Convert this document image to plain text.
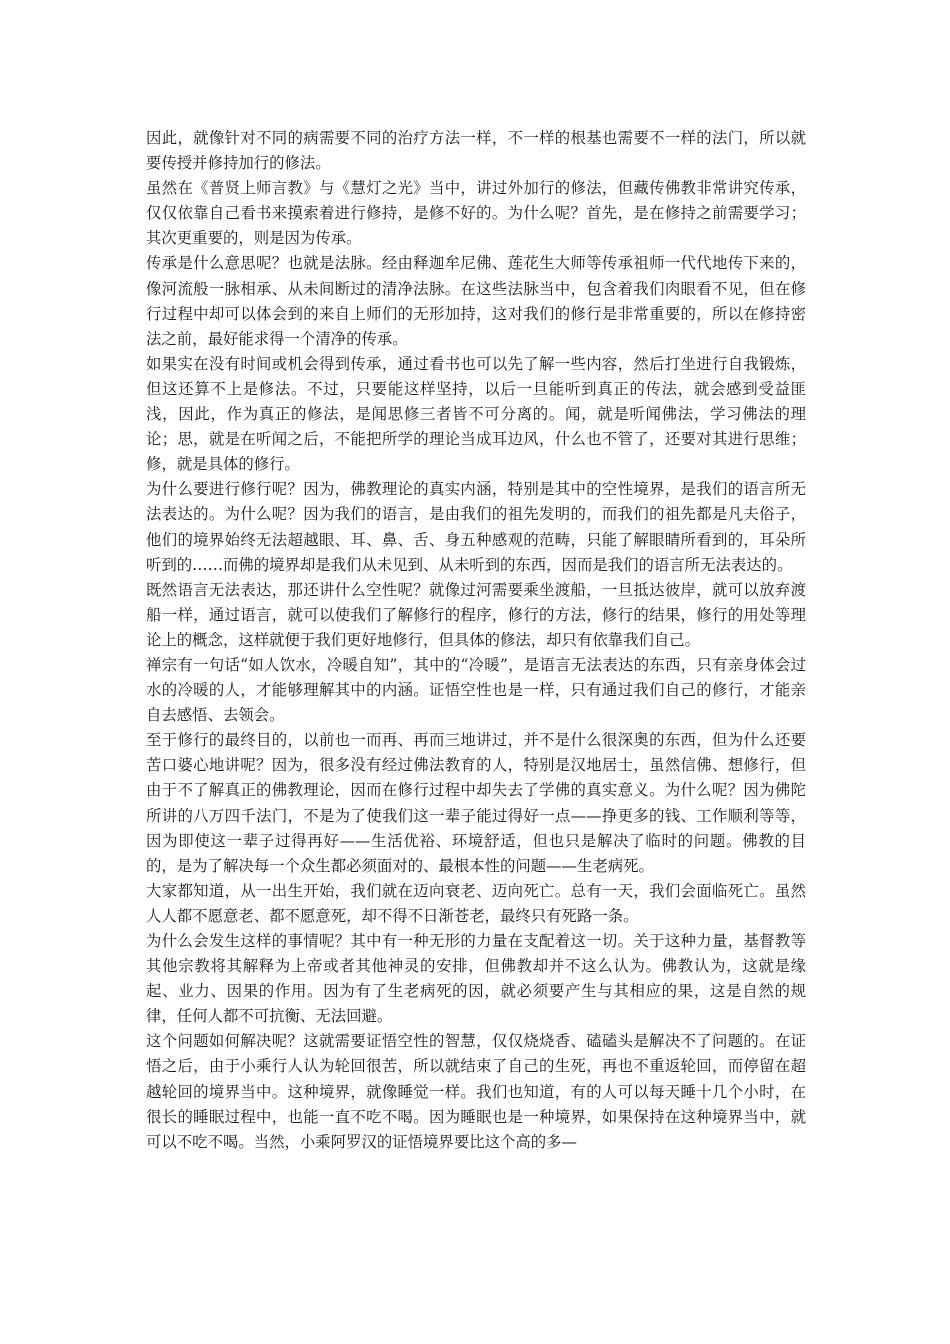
因此，就像针对不同的病需要不同的治疗方法一样，不一样的根基也需要不一样的法门，所以就要传授并修持加行的修法。

虽然在《普贤上师言教》与《慧灯之光》当中，讲过外加行的修法，但藏传佛教非常讲究传承，仅仅依靠自己看书来摸索着进行修持，是修不好的。为什么呢？首先，是在修持之前需要学习；其次更重要的，则是因为传承。

传承是什么意思呢？也就是法脉。经由释迦牟尼佛、莲花生大师等传承祖师一代代地传下来的，像河流般一脉相承、从未间断过的清净法脉。在这些法脉当中，包含着我们肉眼看不见，但在修行过程中却可以体会到的来自上师们的无形加持，这对我们的修行是非常重要的，所以在修持密法之前，最好能求得一个清净的传承。

如果实在没有时间或机会得到传承，通过看书也可以先了解一些内容，然后打坐进行自我锻炼，但这还算不上是修法。不过，只要能这样坚持，以后一旦能听到真正的传法，就会感到受益匪浅，因此，作为真正的修法，是闻思修三者皆不可分离的。闻，就是听闻佛法，学习佛法的理论；思，就是在听闻之后，不能把所学的理论当成耳边风，什么也不管了，还要对其进行思维；修，就是具体的修行。

为什么要进行修行呢？因为，佛教理论的真实内涵，特别是其中的空性境界，是我们的语言所无法表达的。为什么呢？因为我们的语言，是由我们的祖先发明的，而我们的祖先都是凡夫俗子，他们的境界始终无法超越眼、耳、鼻、舌、身五种感观的范畴，只能了解眼睛所看到的，耳朵所听到的……而佛的境界却是我们从未见到、从未听到的东西，因而是我们的语言所无法表达的。

既然语言无法表达，那还讲什么空性呢？就像过河需要乘坐渡船，一旦抵达彼岸，就可以放弃渡船一样，通过语言，就可以使我们了解修行的程序，修行的方法，修行的结果，修行的用处等理论上的概念，这样就便于我们更好地修行，但具体的修法，却只有依靠我们自己。

禅宗有一句话“如人饮水，冷暖自知”，其中的“冷暖”，是语言无法表达的东西，只有亲身体会过水的冷暖的人，才能够理解其中的内涵。证悟空性也是一样，只有通过我们自己的修行，才能亲自去感悟、去领会。

至于修行的最终目的，以前也一而再、再而三地讲过，并不是什么很深奥的东西，但为什么还要苦口婆心地讲呢？因为，很多没有经过佛法教育的人，特别是汉地居士，虽然信佛、想修行，但由于不了解真正的佛教理论，因而在修行过程中却失去了学佛的真实意义。为什么呢？因为佛陀所讲的八万四千法门，不是为了使我们这一辈子能过得好一点——挣更多的钱、工作顺利等等，因为即使这一辈子过得再好——生活优裕、环境舒适，但也只是解决了临时的问题。佛教的目的，是为了解决每一个众生都必须面对的、最根本性的问题——生老病死。

大家都知道，从一出生开始，我们就在迈向衰老、迈向死亡。总有一天，我们会面临死亡。虽然人人都不愿意老、都不愿意死，却不得不日渐苍老，最终只有死路一条。

为什么会发生这样的事情呢？其中有一种无形的力量在支配着这一切。关于这种力量，基督教等其他宗教将其解释为上帝或者其他神灵的安排，但佛教却并不这么认为。佛教认为，这就是缘起、业力、因果的作用。因为有了生老病死的因，就必须要产生与其相应的果，这是自然的规律，任何人都不可抗衡、无法回避。

这个问题如何解决呢？这就需要证悟空性的智慧，仅仅烧烧香、磕磕头是解决不了问题的。在证悟之后，由于小乘行人认为轮回很苦，所以就结束了自己的生死，再也不重返轮回，而停留在超越轮回的境界当中。这种境界，就像睡觉一样。我们也知道，有的人可以每天睡十几个小时，在很长的睡眠过程中，也能一直不吃不喝。因为睡眠也是一种境界，如果保持在这种境界当中，就可以不吃不喝。当然，小乘阿罗汉的证悟境界要比这个高的多—
